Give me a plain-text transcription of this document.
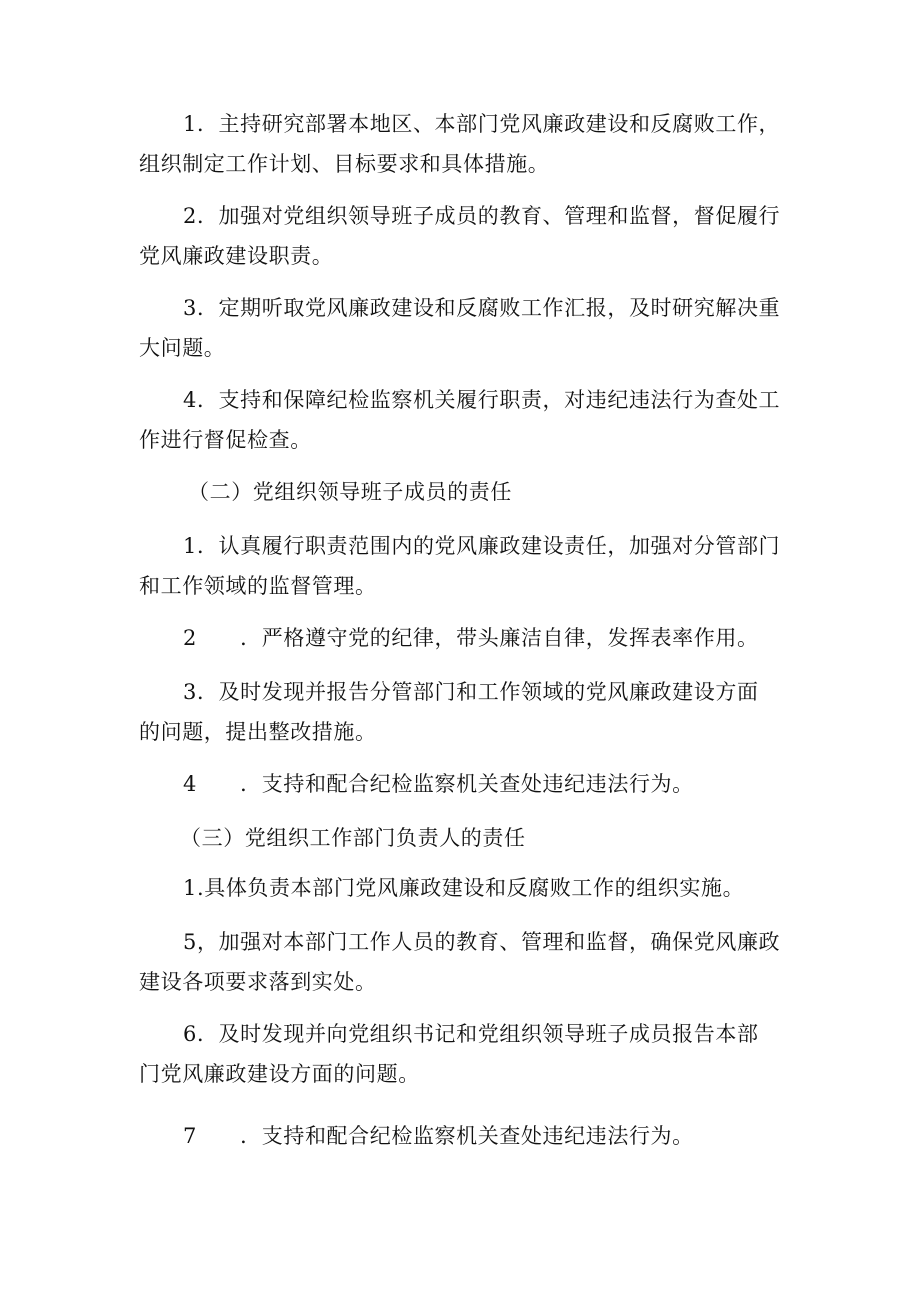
1．主持研究部署本地区、本部门党风廉政建设和反腐败工作，
组织制定工作计划、目标要求和具体措施。

2．加强对党组织领导班子成员的教育、管理和监督，督促履行
党风廉政建设职责。

3．定期听取党风廉政建设和反腐败工作汇报，及时研究解决重
大问题。

4．支持和保障纪检监察机关履行职责，对违纪违法行为查处工
作进行督促检查。

（二）党组织领导班子成员的责任

1．认真履行职责范围内的党风廉政建设责任，加强对分管部门
和工作领域的监督管理。

2　　．严格遵守党的纪律，带头廉洁自律，发挥表率作用。

3．及时发现并报告分管部门和工作领域的党风廉政建设方面
的问题，提出整改措施。

4　　．支持和配合纪检监察机关查处违纪违法行为。

（三）党组织工作部门负责人的责任

1.具体负责本部门党风廉政建设和反腐败工作的组织实施。

5，加强对本部门工作人员的教育、管理和监督，确保党风廉政
建设各项要求落到实处。

6．及时发现并向党组织书记和党组织领导班子成员报告本部
门党风廉政建设方面的问题。

7　　．支持和配合纪检监察机关查处违纪违法行为。
